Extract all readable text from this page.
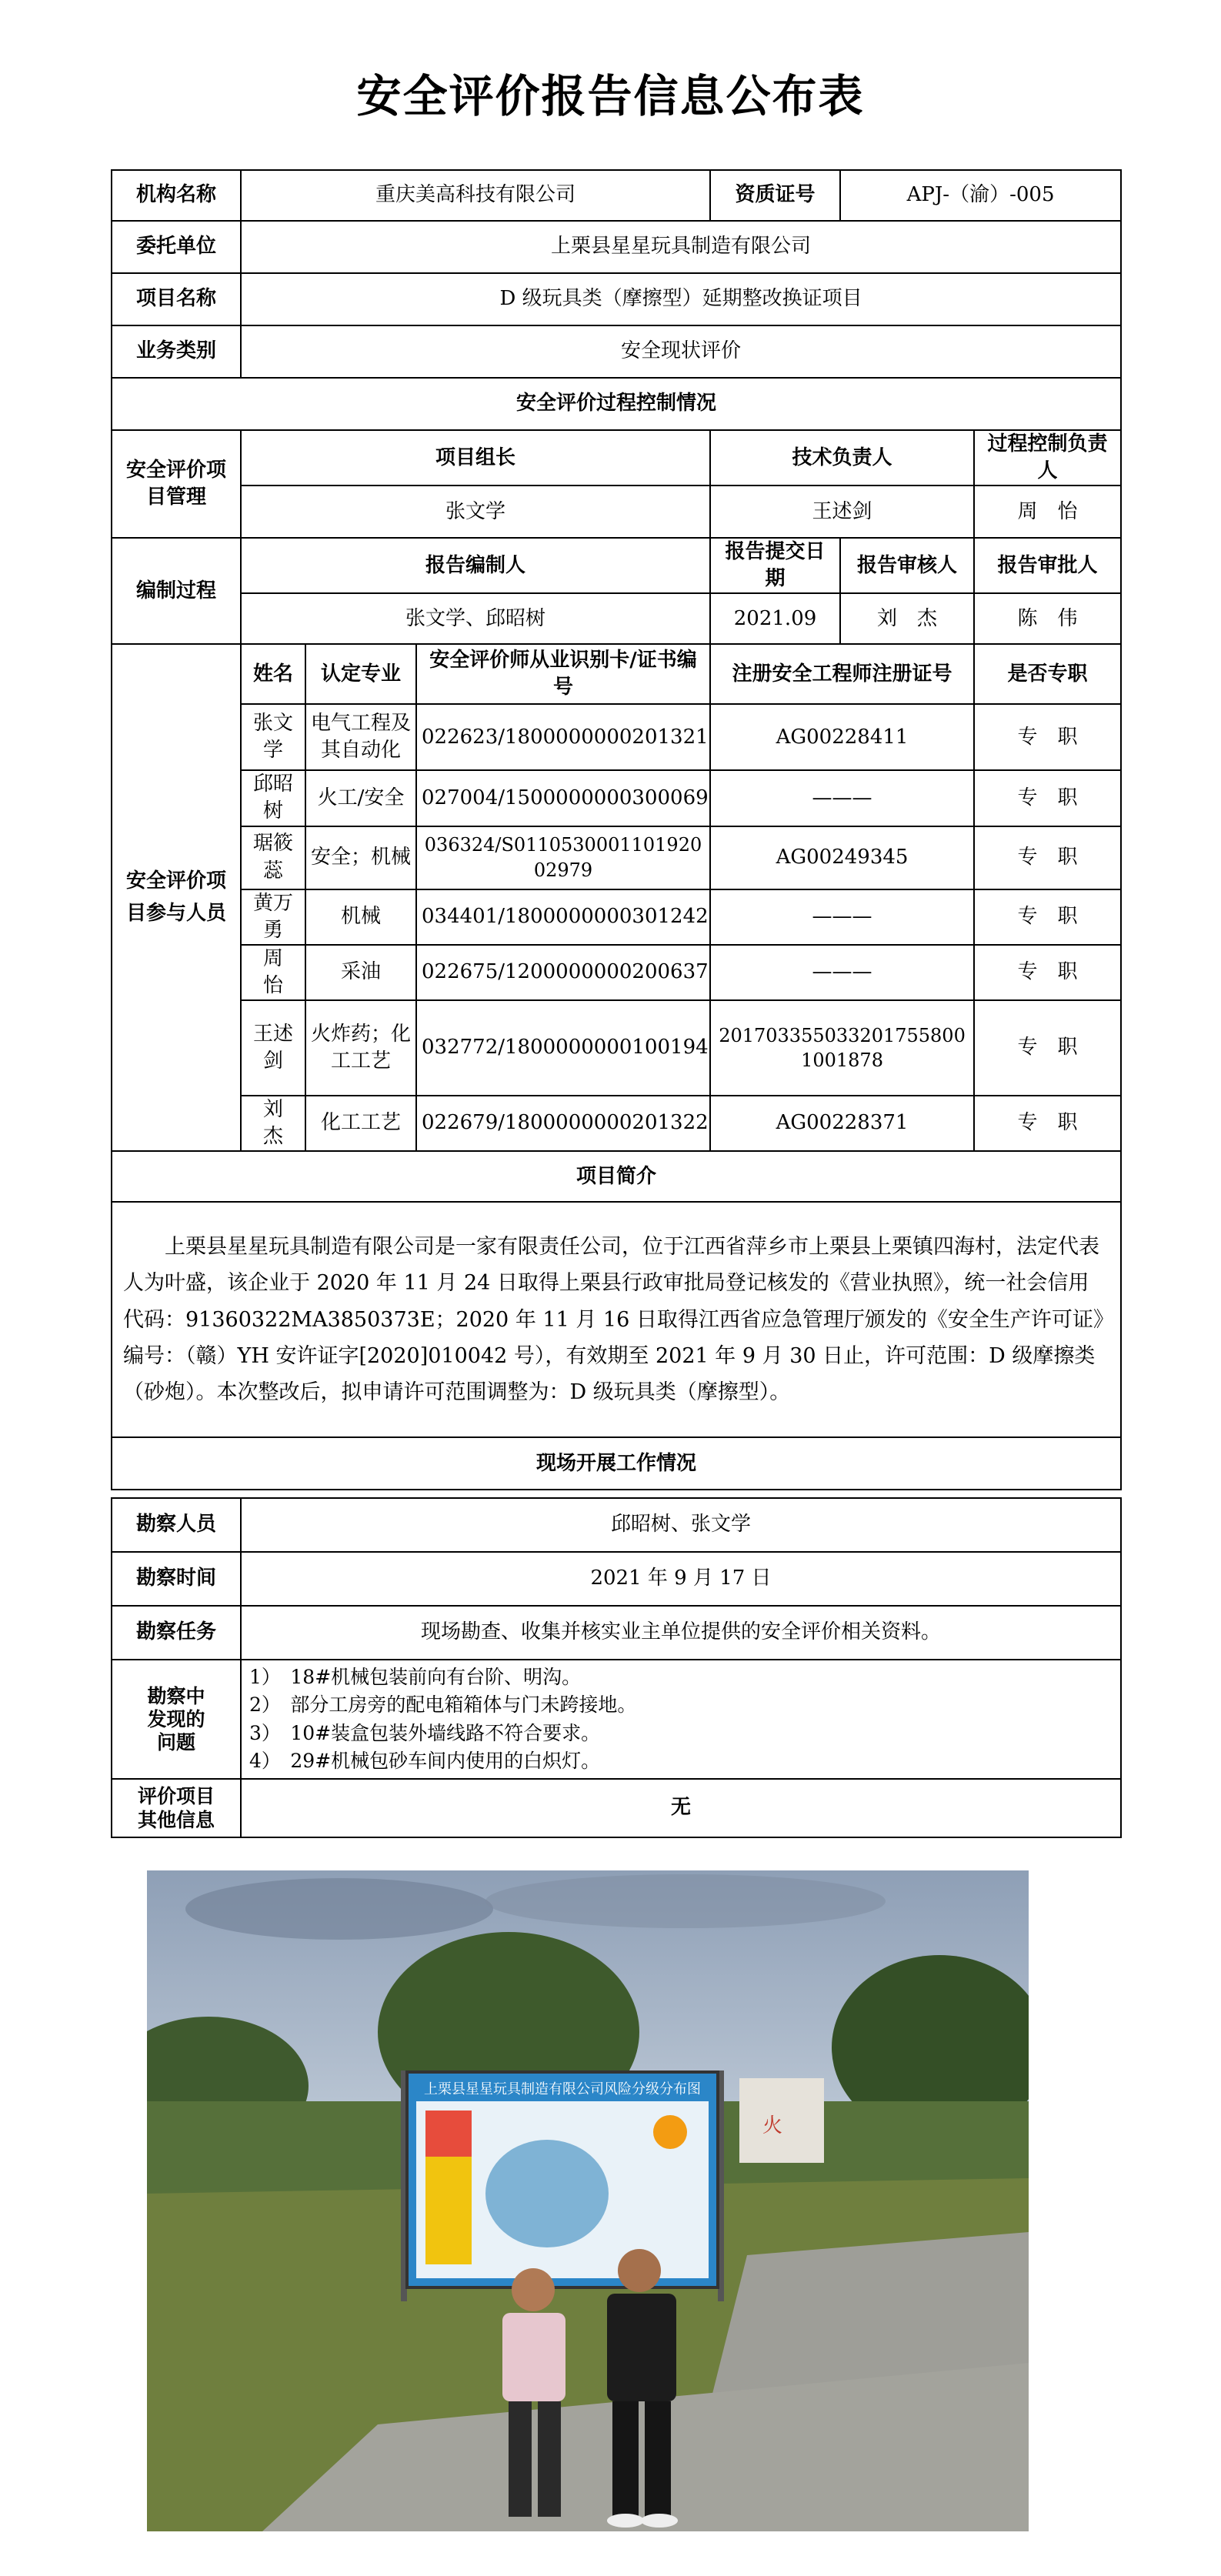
安全评价报告信息公布表
机构名称	重庆美高科技有限公司			资质证号	APJ-（渝）-005	
委托单位	上栗县星星玩具制造有限公司					
项目名称	D 级玩具类（摩擦型）延期整改换证项目					
业务类别	安全现状评价					
安全评价过程控制情况						
安全评价项目管理	项目组长			技术负责人		过程控制负责人
	张文学			王述剑		周　怡
编制过程	报告编制人			报告提交日期	报告审核人	报告审批人
	张文学、邱昭树			2021.09	刘　杰	陈　伟
安全评价项目参与人员	姓名	认定专业	安全评价师从业识别卡/证书编号	注册安全工程师注册证号		是否专职
	张文学	电气工程及其自动化	022623/1800000000201321	AG00228411		专　职
	邱昭树	火工/安全	027004/1500000000300069	———		专　职
	琚筱蕊	安全；机械	036324/S011053000110192002979	AG00249345		专　职
	黄万勇	机械	034401/1800000000301242	———		专　职
	周　怡	采油	022675/1200000000200637	———		专　职
	王述剑	火炸药；化工工艺	032772/1800000000100194	2017033550332017558001001878		专　职
	刘　杰	化工工艺	022679/1800000000201322	AG00228371		专　职
项目简介						
上栗县星星玩具制造有限公司是一家有限责任公司，位于江西省萍乡市上栗县上栗镇四海村，法定代表人为叶盛，该企业于 2020 年 11 月 24 日取得上栗县行政审批局登记核发的《营业执照》，统一社会信用代码：91360322MA3850373E；2020 年 11 月 16 日取得江西省应急管理厅颁发的《安全生产许可证》编号：（赣）YH 安许证字[2020]010042 号），有效期至 2021 年 9 月 30 日止，许可范围：D 级摩擦类（砂炮）。本次整改后，拟申请许可范围调整为：D 级玩具类（摩擦型）。						
现场开展工作情况						
勘察人员	邱昭树、张文学
勘察时间	2021 年 9 月 17 日
勘察任务	现场勘查、收集并核实业主单位提供的安全评价相关资料。
勘察中发现的问题	1）　18#机械包装前向有台阶、明沟。
2）　部分工房旁的配电箱箱体与门未跨接地。
3）　10#装盒包装外墙线路不符合要求。
4）　29#机械包砂车间内使用的白炽灯。

评价项目其他信息	无
火
上栗县星星玩具制造有限公司风险分级分布图
